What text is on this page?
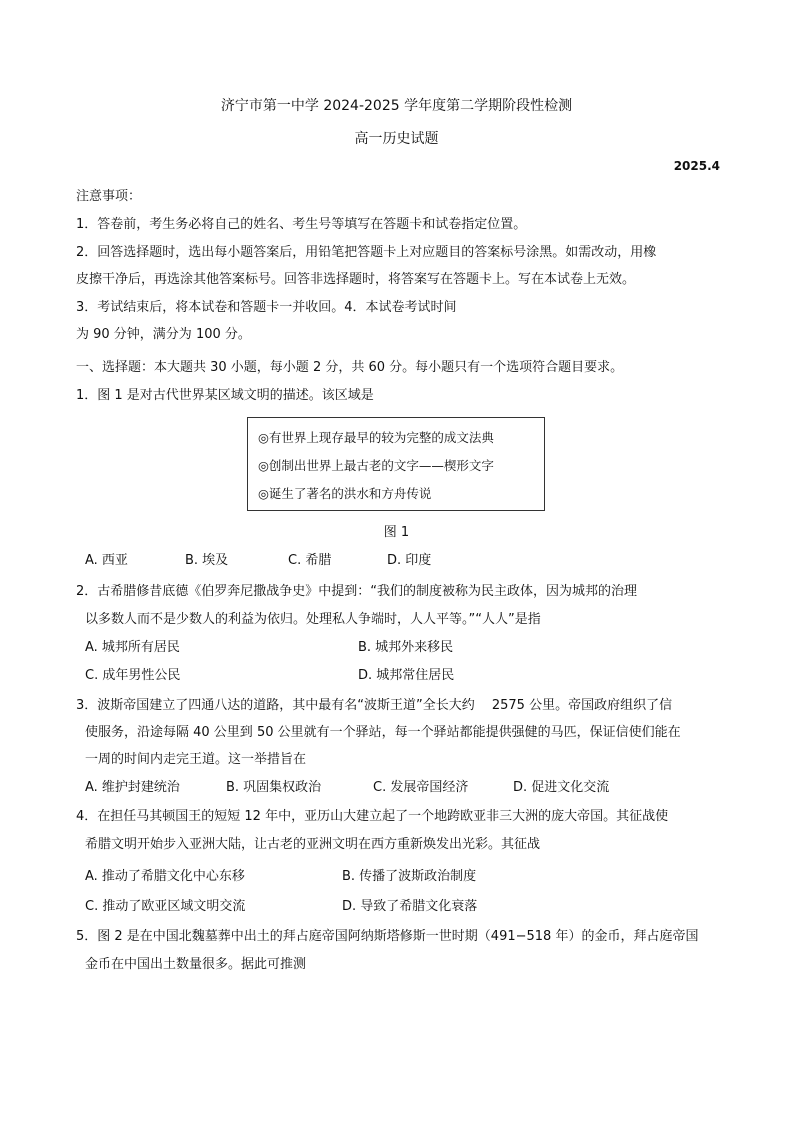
济宁市第一中学 2024-2025 学年度第二学期阶段性检测
高一历史试题
2025.4
注意事项：
1．答卷前，考生务必将自己的姓名、考生号等填写在答题卡和试卷指定位置。
2．回答选择题时，选出每小题答案后，用铅笔把答题卡上对应题目的答案标号涂黑。如需改动，用橡
皮擦干净后，再选涂其他答案标号。回答非选择题时，将答案写在答题卡上。写在本试卷上无效。
3．考试结束后，将本试卷和答题卡一并收回。4．本试卷考试时间
为 90 分钟，满分为 100 分。
一、选择题：本大题共 30 小题，每小题 2 分，共 60 分。每小题只有一个选项符合题目要求。
1．图 1 是对古代世界某区域文明的描述。该区域是
◎有世界上现存最早的较为完整的成文法典
◎创制出世界上最古老的文字——楔形文字
◎诞生了著名的洪水和方舟传说
图 1
A. 西亚	B. 埃及	C. 希腊	D. 印度
2．古希腊修昔底德《伯罗奔尼撒战争史》中提到：“我们的制度被称为民主政体，因为城邦的治理
以多数人而不是少数人的利益为依归。处理私人争端时，人人平等。”“人人”是指
A. 城邦所有居民	B. 城邦外来移民
C. 成年男性公民	D. 城邦常住居民
3．波斯帝国建立了四通八达的道路，其中最有名“波斯王道”全长大约　 2575 公里。帝国政府组织了信
使服务，沿途每隔 40 公里到 50 公里就有一个驿站，每一个驿站都能提供强健的马匹，保证信使们能在
一周的时间内走完王道。这一举措旨在
A. 维护封建统治	B. 巩固集权政治	C. 发展帝国经济	D. 促进文化交流
4．在担任马其顿国王的短短 12 年中，亚历山大建立起了一个地跨欧亚非三大洲的庞大帝国。其征战使
希腊文明开始步入亚洲大陆，让古老的亚洲文明在西方重新焕发出光彩。其征战
A. 推动了希腊文化中心东移	B. 传播了波斯政治制度
C. 推动了欧亚区域文明交流	D. 导致了希腊文化衰落
5．图 2 是在中国北魏墓葬中出土的拜占庭帝国阿纳斯塔修斯一世时期（491−518 年）的金币，拜占庭帝国
金币在中国出土数量很多。据此可推测
